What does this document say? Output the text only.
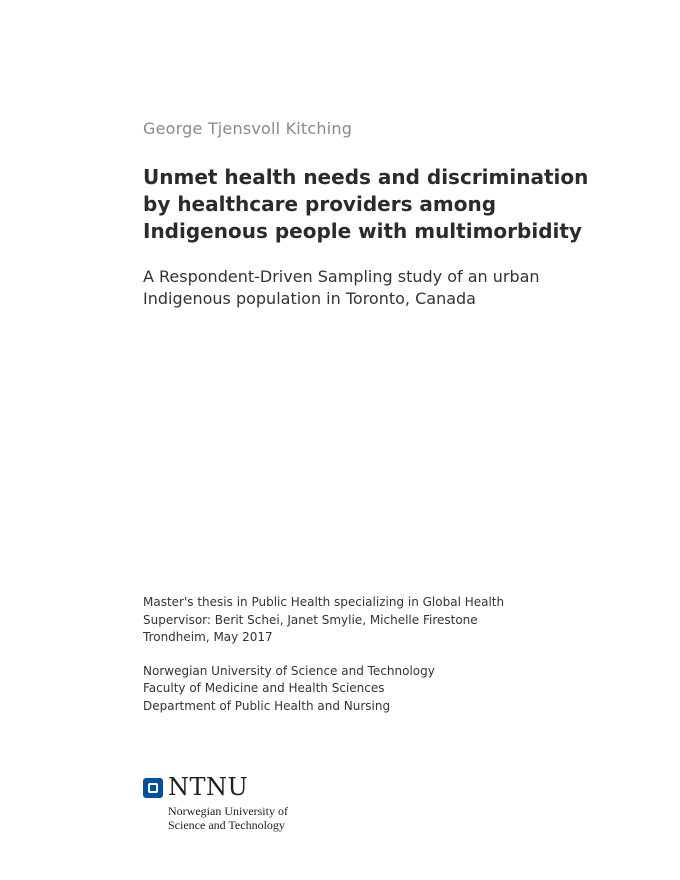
George Tjensvoll Kitching
Unmet health needs and discrimination
by healthcare providers among
Indigenous people with multimorbidity
A Respondent-Driven Sampling study of an urban
Indigenous population in Toronto, Canada
Master's thesis in Public Health specializing in Global Health
Supervisor: Berit Schei, Janet Smylie, Michelle Firestone
Trondheim, May 2017
Norwegian University of Science and Technology
Faculty of Medicine and Health Sciences
Department of Public Health and Nursing
NTNU
Norwegian University of
Science and Technology
